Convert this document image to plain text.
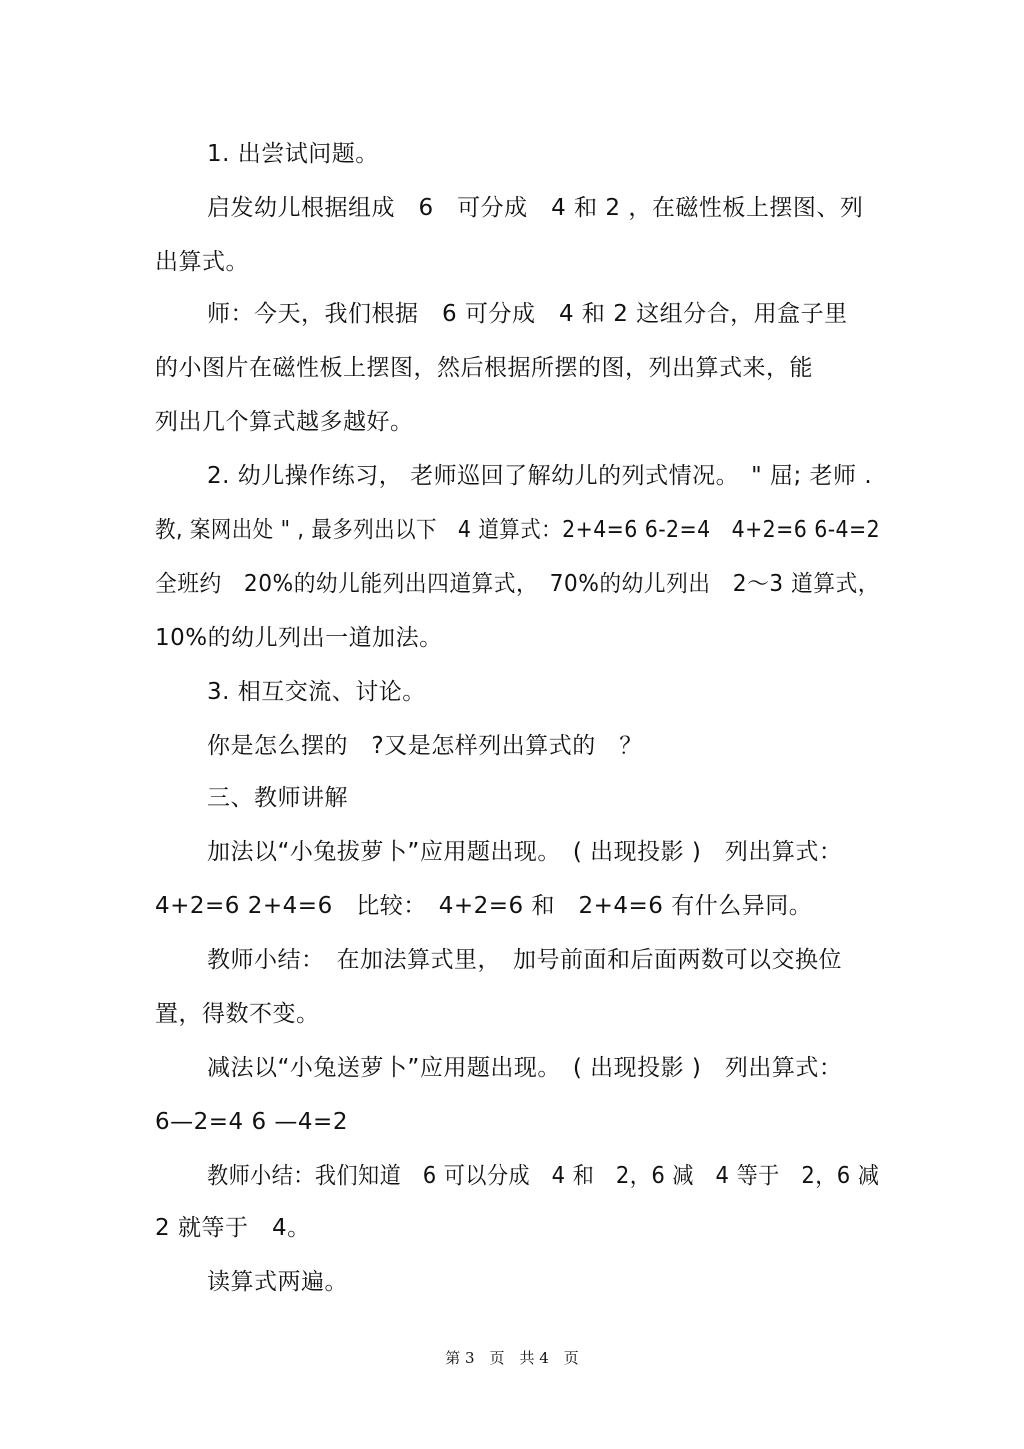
1. 出尝试问题。
启发幼儿根据组成　6　可分成　4 和 2 ，在磁性板上摆图、列
出算式。
师：今天，我们根据　6 可分成　4 和 2 这组分合，用盒子里
的小图片在磁性板上摆图，然后根据所摆的图，列出算式来，能
列出几个算式越多越好。
2. 幼儿操作练习， 老师巡回了解幼儿的列式情况。　" 屈; 老师 .
教, 案网出处 " , 最多列出以下　4 道算式：2+4=6 6-2=4　4+2=6 6-4=2
全班约　20%的幼儿能列出四道算式，　70%的幼儿列出　2～3 道算式，
10%的幼儿列出一道加法。
3. 相互交流、讨论。
你是怎么摆的　?又是怎样列出算式的　？
三、教师讲解
加法以“小兔拔萝卜”应用题出现。　( 出现投影 )　列出算式：
4+2=6 2+4=6　比较：　4+2=6 和　2+4=6 有什么异同。
教师小结：　在加法算式里，　加号前面和后面两数可以交换位
置，得数不变。
减法以“小兔送萝卜”应用题出现。　( 出现投影 )　列出算式：
6—2=4 6 —4=2
教师小结：我们知道　6 可以分成　4 和　2，6 减　4 等于　2，6 减
2 就等于　4。
读算式两遍。
第 3　页　共 4　页
